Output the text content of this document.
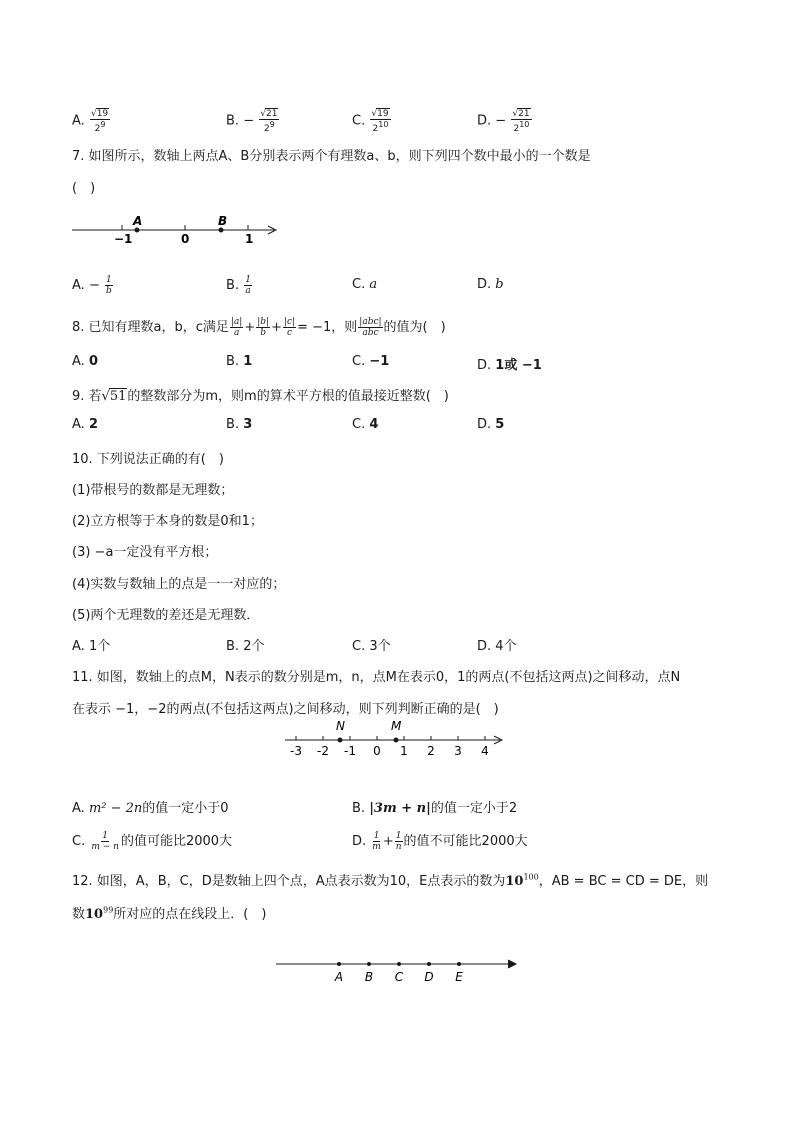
A. $\frac{√19}{2^9}$	B. − $\frac{√21}{2^9}$	C. $\frac{√19}{2^{10}}$	D. − $\frac{√21}{2^{10}}$
7. 如图所示，数轴上两点A、B分别表示两个有理数a、b，则下列四个数中最小的一个数是
(　)
A	B
−1	0	1
A. − $\frac{1}{b}$	B. $\frac{1}{a}$	C. a	D. b
8. 已知有理数a，b，c满足 $\frac{|a|}{a} + \frac{|b|}{b} + \frac{|c|}{c} = -1$，则 $\frac{\text{|abc|}}{\text{abc}}$ 的值为(　)
A. 0	B. 1	C. −1	D. 1或 −1
9. 若√51的整数部分为m，则m的算术平方根的值最接近整数(　)
A. 2	B. 3	C. 4	D. 5
10. 下列说法正确的有(　)
(1)带根号的数都是无理数；
(2)立方根等于本身的数是0和1；
(3) −a一定没有平方根；
(4)实数与数轴上的点是一一对应的；
(5)两个无理数的差还是无理数．
A. 1个	B. 2个	C. 3个	D. 4个
11. 如图，数轴上的点M，N表示的数分别是m，n，点M在表示0，1的两点(不包括这两点)之间移动，点N
在表示 −1，−2的两点(不包括这两点)之间移动，则下列判断正确的是(　)
-3 -2 -1 0 1 2 3 4
N	M
A. m² − 2n的值一定小于0	B. |3m + n|的值一定小于2
C. $\frac{1}{m - n}$ 的值可能比2000大	D. $\frac{1}{m} + \frac{1}{n}$ 的值不可能比2000大
12. 如图，A，B，C，D是数轴上四个点，A点表示数为10，E点表示的数为$10^{100}$，AB = BC = CD = DE，则
数$10^{99}$所对应的点在线段上．(　)
A B C D E
